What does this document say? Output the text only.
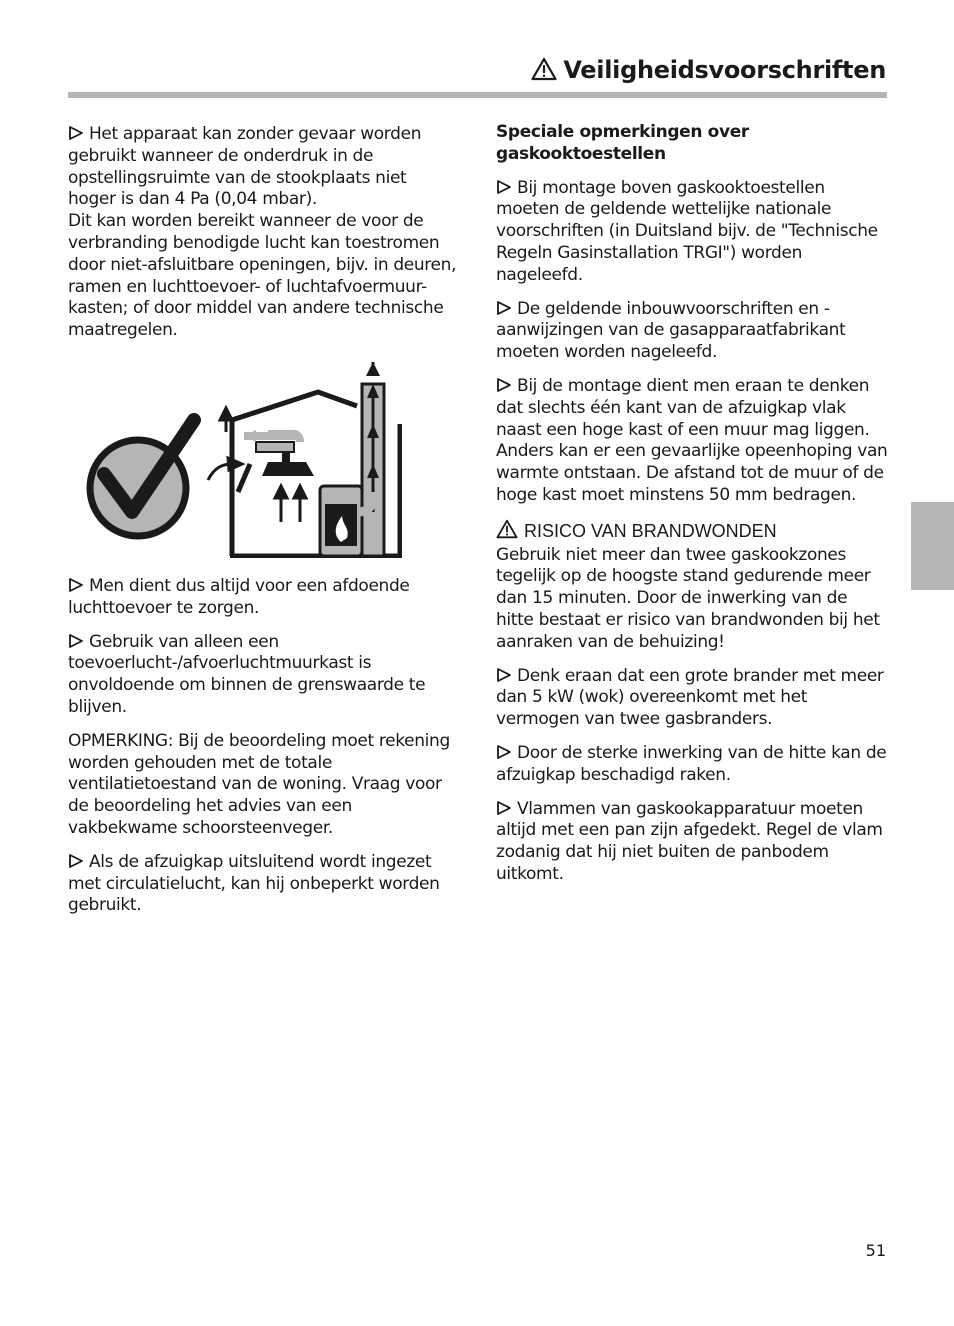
Veiligheidsvoorschriften

Het apparaat kan zonder gevaar worden gebruikt wanneer de onderdruk in de opstellingsruimte van de stookplaats niet hoger is dan 4 Pa (0,04 mbar).

Dit kan worden bereikt wanneer de voor de verbranding benodigde lucht kan toestromen door niet-afsluitbare openingen, bijv. in deuren, ramen en luchttoevoer- of luchtafvoermuur-kasten; of door middel van andere technische maatregelen.

Men dient dus altijd voor een afdoende luchttoevoer te zorgen.

Gebruik van alleen een toevoerlucht-/afvoerluchtmuurkast is onvoldoende om binnen de grenswaarde te blijven.

OPMERKING: Bij de beoordeling moet rekening worden gehouden met de totale ventilatietoestand van de woning. Vraag voor de beoordeling het advies van een vakbekwame schoorsteenveger.

Als de afzuigkap uitsluitend wordt ingezet met circulatielucht, kan hij onbeperkt worden gebruikt.

Speciale opmerkingen over gaskooktoestellen

Bij montage boven gaskooktoestellen moeten de geldende wettelijke nationale voorschriften (in Duitsland bijv. de "Technische Regeln Gasinstallation TRGI") worden nageleefd.

De geldende inbouwvoorschriften en -aanwijzingen van de gasapparaatfabrikant moeten worden nageleefd.

Bij de montage dient men eraan te denken dat slechts één kant van de afzuigkap vlak naast een hoge kast of een muur mag liggen. Anders kan er een gevaarlijke opeenhoping van warmte ontstaan. De afstand tot de muur of de hoge kast moet minstens 50 mm bedragen.

RISICO VAN BRANDWONDEN

Gebruik niet meer dan twee gaskookzones tegelijk op de hoogste stand gedurende meer dan 15 minuten. Door de inwerking van de hitte bestaat er risico van brandwonden bij het aanraken van de behuizing!

Denk eraan dat een grote brander met meer dan 5 kW (wok) overeenkomt met het vermogen van twee gasbranders.

Door de sterke inwerking van de hitte kan de afzuigkap beschadigd raken.

Vlammen van gaskookapparatuur moeten altijd met een pan zijn afgedekt. Regel de vlam zodanig dat hij niet buiten de panbodem uitkomt.

51
